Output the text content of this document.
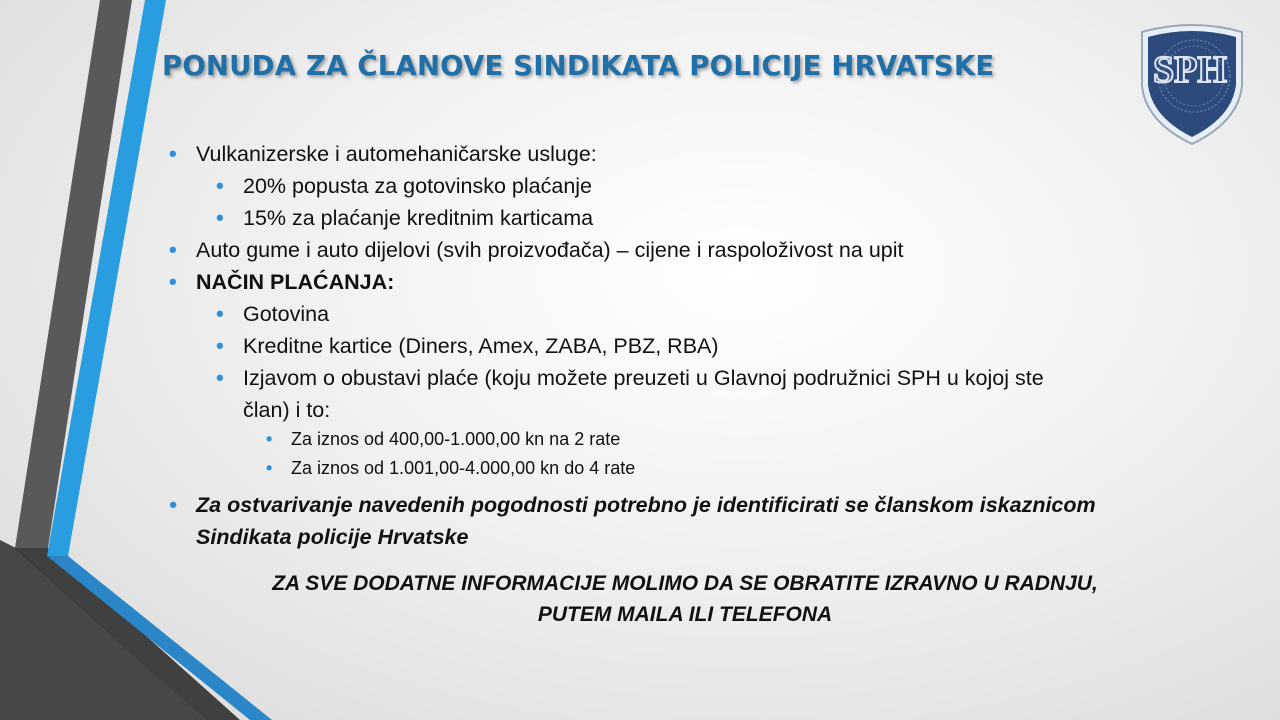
SPH
PONUDA ZA ČLANOVE SINDIKATA POLICIJE HRVATSKE
• Vulkanizerske i automehaničarske usluge:
• 20% popusta za gotovinsko plaćanje
• 15% za plaćanje kreditnim karticama
• Auto gume i auto dijelovi (svih proizvođača) – cijene i raspoloživost na upit
• NAČIN PLAĆANJA:
• Gotovina
• Kreditne kartice (Diners, Amex, ZABA, PBZ, RBA)
• Izjavom o obustavi plaće (koju možete preuzeti u Glavnoj podružnici SPH u kojoj ste
član) i to:
• Za iznos od 400,00-1.000,00 kn na 2 rate
• Za iznos od 1.001,00-4.000,00 kn do 4 rate
• Za ostvarivanje navedenih pogodnosti potrebno je identificirati se članskom iskaznicom
Sindikata policije Hrvatske
ZA SVE DODATNE INFORMACIJE MOLIMO DA SE OBRATITE IZRAVNO U RADNJU,
PUTEM MAILA ILI TELEFONA
